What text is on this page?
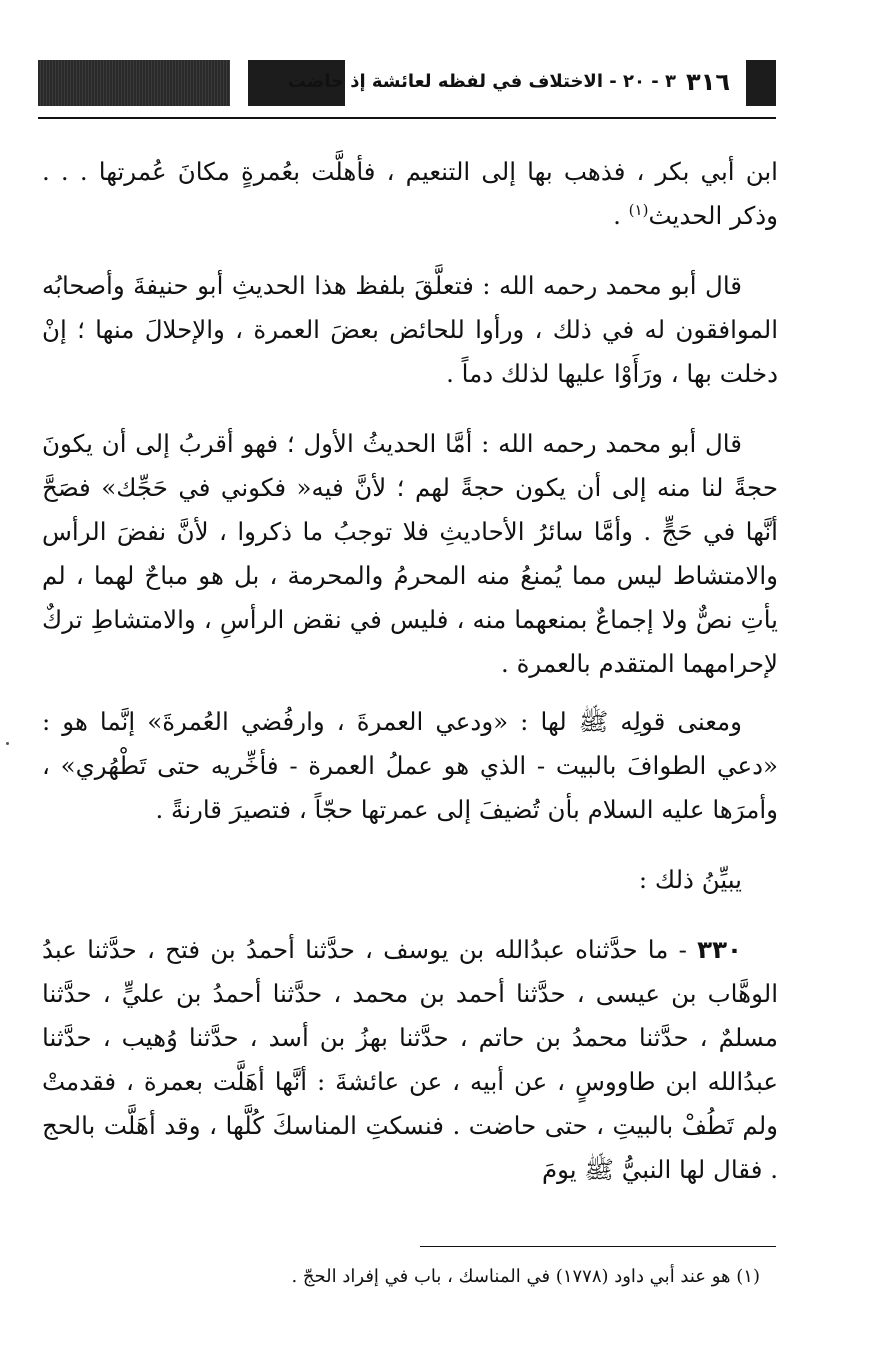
٣١٦
٣ - ٢٠ - الاختلاف في لفظه لعائشة إذ حاضت

ابن أبي بكر ، فذهب بها إلى التنعيم ، فأهلَّت بعُمرةٍ مكانَ عُمرتها . . . وذكر الحديث$^{(١)}$ .

قال أبو محمد رحمه الله : فتعلَّقَ بلفظ هذا الحديثِ أبو حنيفةَ وأصحابُه الموافقون له في ذلك ، ورأوا للحائض بعضَ العمرة ، والإحلالَ منها ؛ إنْ دخلت بها ، ورَأَوْا عليها لذلك دماً .

قال أبو محمد رحمه الله : أمَّا الحديثُ الأول ؛ فهو أقربُ إلى أن يكونَ حجةً لنا منه إلى أن يكون حجةً لهم ؛ لأنَّ فيه« فكوني في حَجِّك» فصَحَّ أنَّها في حَجٍّ . وأمَّا سائرُ الأحاديثِ فلا توجبُ ما ذكروا ، لأنَّ نفضَ الرأس والامتشاط ليس مما يُمنعُ منه المحرمُ والمحرمة ، بل هو مباحٌ لهما ، لم يأتِ نصٌّ ولا إجماعٌ بمنعهما منه ، فليس في نقض الرأسِ ، والامتشاطِ تركٌ لإحرامهما المتقدم بالعمرة .

ومعنى قولِه ﷺ لها : «ودعي العمرةَ ، وارفُضي العُمرةَ» إنَّما هو : «دعي الطوافَ بالبيت - الذي هو عملُ العمرة - فأخِّريه حتى تَطْهُري» ، وأمرَها عليه السلام بأن تُضيفَ إلى عمرتها حجّاً ، فتصيرَ قارنةً .

يبيِّنُ ذلك :

٣٣٠ - ما حدَّثناه عبدُالله بن يوسف ، حدَّثنا أحمدُ بن فتح ، حدَّثنا عبدُ الوهَّاب بن عيسى ، حدَّثنا أحمد بن محمد ، حدَّثنا أحمدُ بن عليٍّ ، حدَّثنا مسلمٌ ، حدَّثنا محمدُ بن حاتم ، حدَّثنا بهزُ بن أسد ، حدَّثنا وُهيب ، حدَّثنا عبدُالله ابن طاووسٍ ، عن أبيه ، عن عائشةَ : أنَّها أهَلَّت بعمرة ، فقدمتْ ولم تَطُفْ بالبيتِ ، حتى حاضت . فنسكتِ المناسكَ كُلَّها ، وقد أهَلَّت بالحج . فقال لها النبيُّ ﷺ يومَ

(١) هو عند أبي داود (١٧٧٨) في المناسك ، باب في إفراد الحجّ .
